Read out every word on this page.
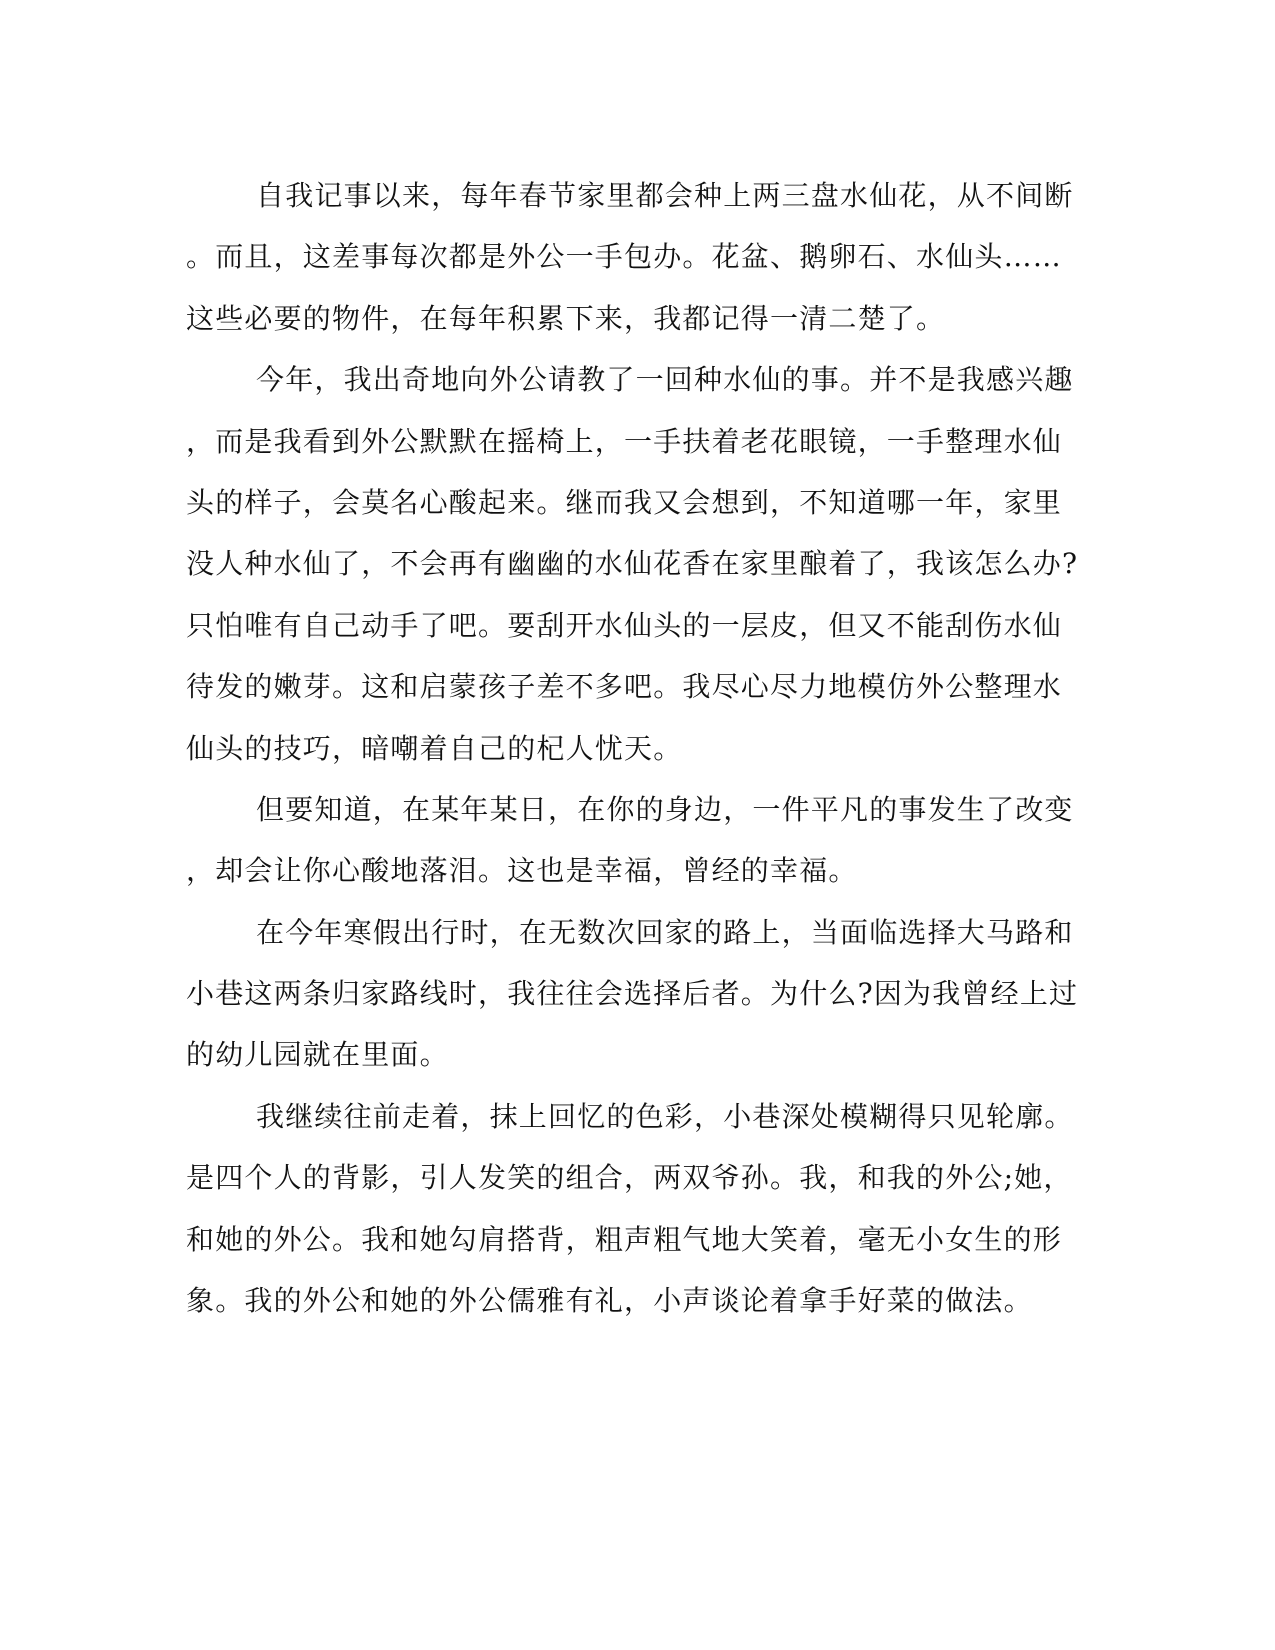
自我记事以来，每年春节家里都会种上两三盘水仙花，从不间断
。而且，这差事每次都是外公一手包办。花盆、鹅卵石、水仙头……
这些必要的物件，在每年积累下来，我都记得一清二楚了。
今年，我出奇地向外公请教了一回种水仙的事。并不是我感兴趣
，而是我看到外公默默在摇椅上，一手扶着老花眼镜，一手整理水仙
头的样子，会莫名心酸起来。继而我又会想到，不知道哪一年，家里
没人种水仙了，不会再有幽幽的水仙花香在家里酿着了，我该怎么办?
只怕唯有自己动手了吧。要刮开水仙头的一层皮，但又不能刮伤水仙
待发的嫩芽。这和启蒙孩子差不多吧。我尽心尽力地模仿外公整理水
仙头的技巧，暗嘲着自己的杞人忧天。
但要知道，在某年某日，在你的身边，一件平凡的事发生了改变
，却会让你心酸地落泪。这也是幸福，曾经的幸福。
在今年寒假出行时，在无数次回家的路上，当面临选择大马路和
小巷这两条归家路线时，我往往会选择后者。为什么?因为我曾经上过
的幼儿园就在里面。
我继续往前走着，抹上回忆的色彩，小巷深处模糊得只见轮廓。
是四个人的背影，引人发笑的组合，两双爷孙。我，和我的外公;她，
和她的外公。我和她勾肩搭背，粗声粗气地大笑着，毫无小女生的形
象。我的外公和她的外公儒雅有礼，小声谈论着拿手好菜的做法。
